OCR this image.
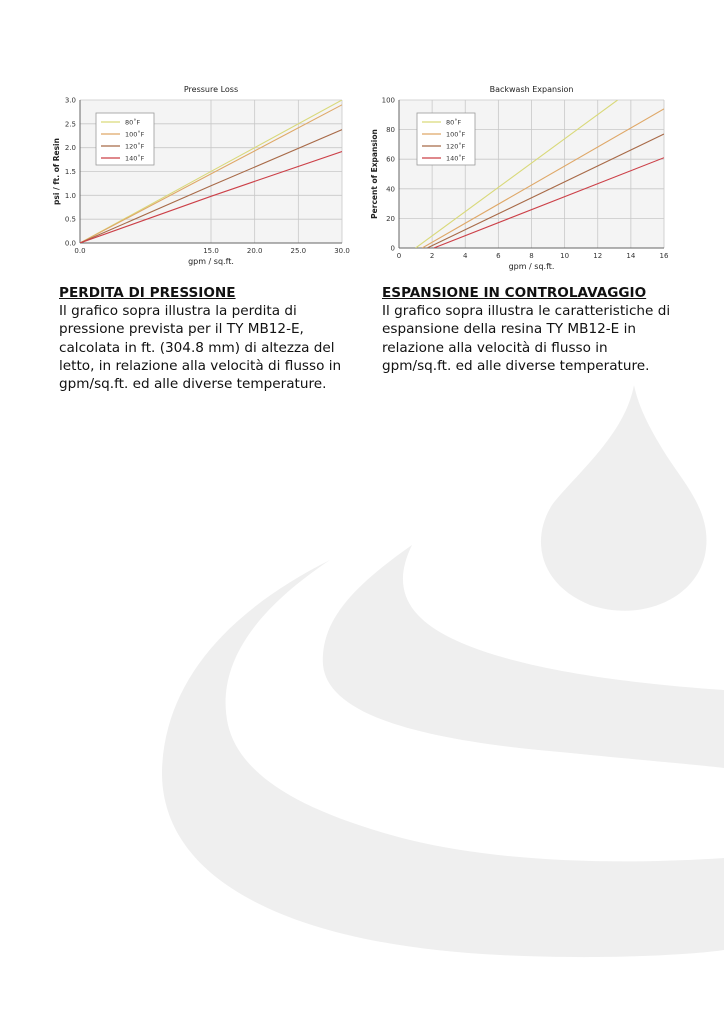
0.0
0.5
1.0
1.5
2.0
2.5
3.0
0.0	15.0	20.0	25.0	30.0
Pressure Loss
gpm / sq.ft.
psi / ft. of Resin
80˚F
100˚F
120˚F
140˚F
0
20
40
60
80
100
0	2	4	6	8	10	12	14	16
Backwash Expansion
gpm / sq.ft.
Percent of Expansion
80˚F
100˚F
120˚F
140˚F
PERDITA DI PRESSIONE
Il grafico sopra illustra la perdita di
pressione prevista per il TY MB12-E,
calcolata in ft. (304.8 mm) di altezza del
letto, in relazione alla velocità di flusso in
gpm/sq.ft. ed alle diverse temperature.
ESPANSIONE IN CONTROLAVAGGIO
Il grafico sopra illustra le caratteristiche di
espansione della resina TY MB12-E in
relazione alla velocità di flusso in
gpm/sq.ft. ed alle diverse temperature.
